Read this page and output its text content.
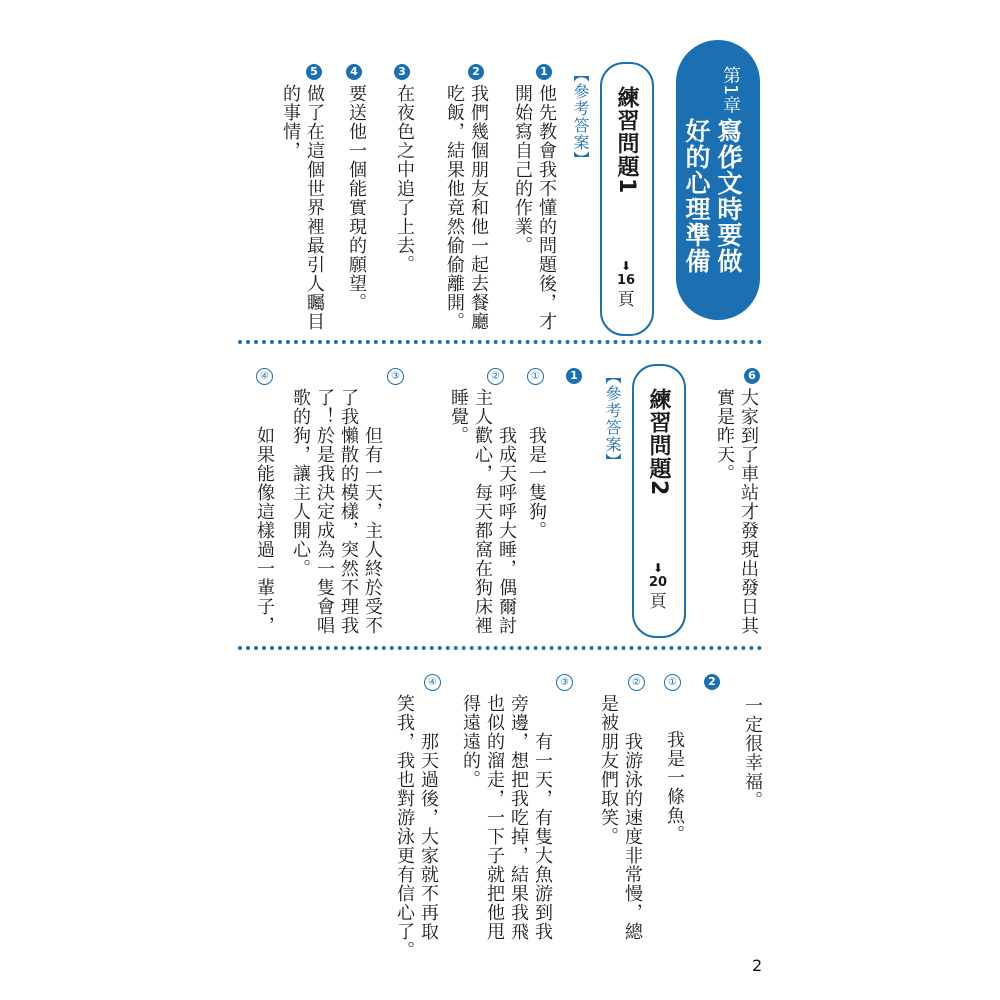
第1章
寫作文時要做
好的心理準備
練習問題1
⬇
16
頁
【參考答案】
1
他先教會我不懂的問題後，才
開始寫自己的作業。
2
我們幾個朋友和他一起去餐廳
吃飯，結果他竟然偷偷離開。
3
在夜色之中追了上去。
4
要送他一個能實現的願望。
5
做了在這個世界裡最引人矚目
的事情，
6
大家到了車站才發現出發日其
實是昨天。
練習問題2
⬇
20
頁
【參考答案】
1
①
我是一隻狗。
②
我成天呼呼大睡，偶爾討
主人歡心，每天都窩在狗床裡
睡覺。
③
但有一天，主人終於受不
了我懶散的模樣，突然不理我
了！於是我決定成為一隻會唱
歌的狗，讓主人開心。
④
如果能像這樣過一輩子，
一定很幸福。
2
①
我是一條魚。
②
我游泳的速度非常慢，總
是被朋友們取笑。
③
有一天，有隻大魚游到我
旁邊，想把我吃掉，結果我飛
也似的溜走，一下子就把他甩
得遠遠的。
④
那天過後，大家就不再取
笑我，我也對游泳更有信心了。
2
